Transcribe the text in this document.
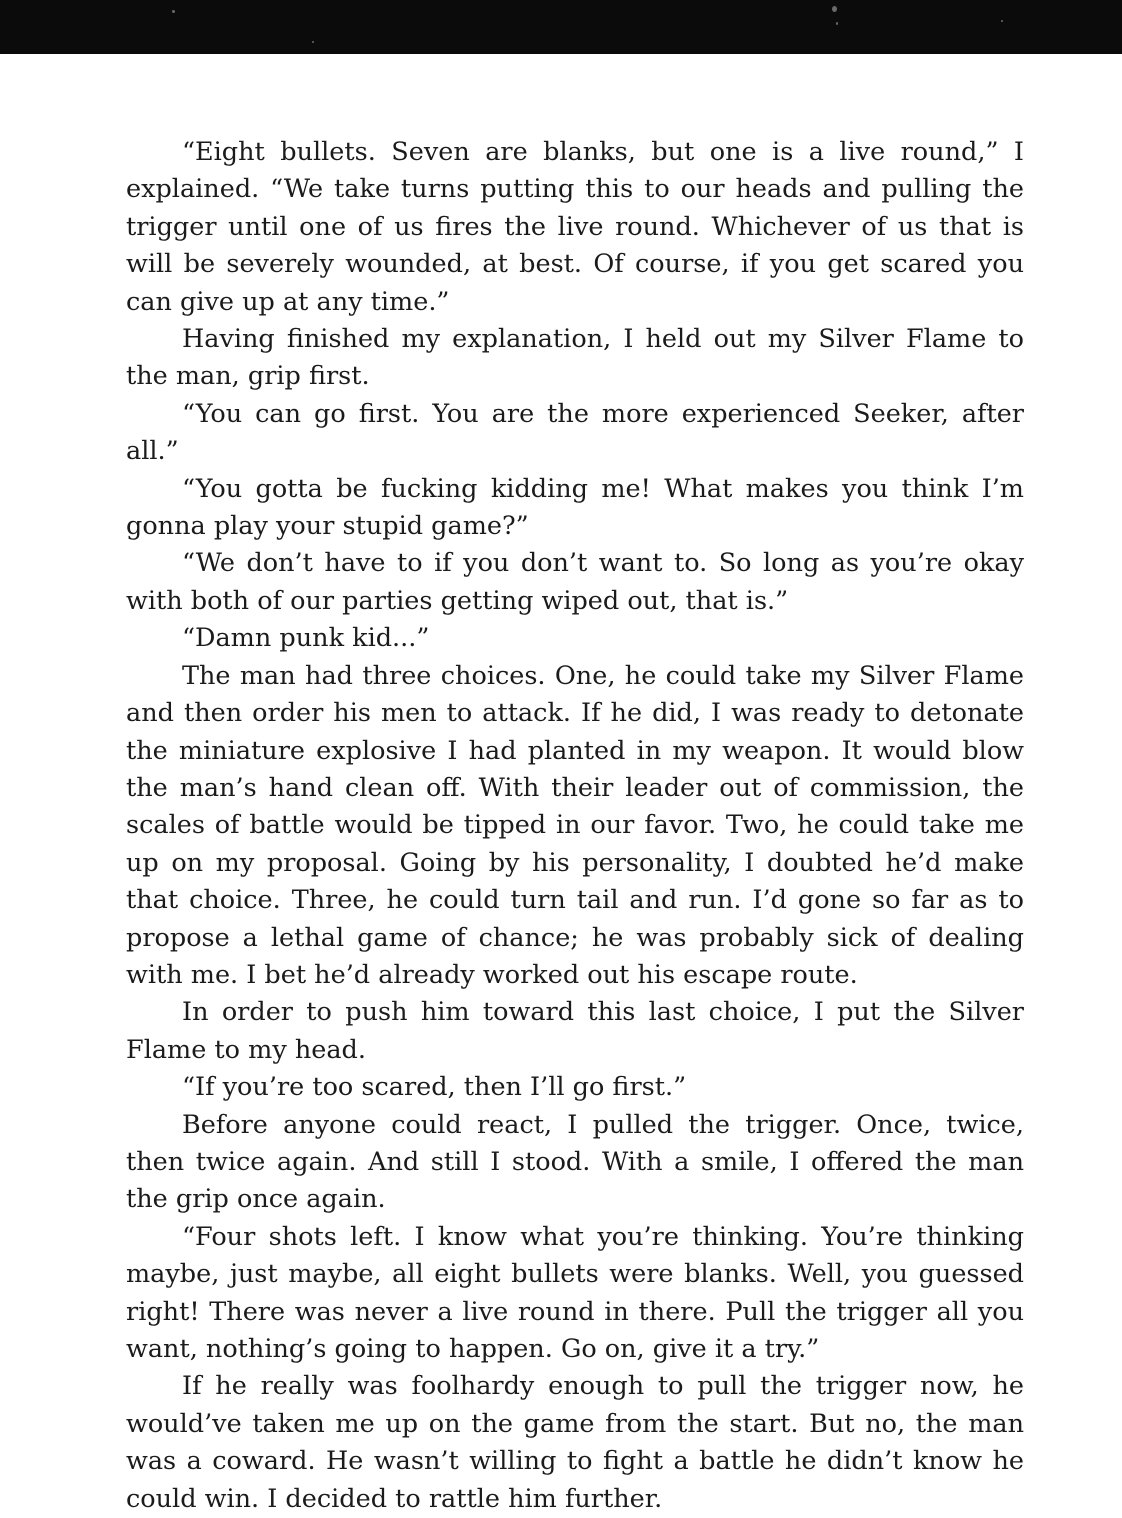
“Eight bullets. Seven are blanks, but one is a live round,” I explained. “We take turns putting this to our heads and pulling the trigger until one of us fires the live round. Whichever of us that is will be severely wounded, at best. Of course, if you get scared you can give up at any time.”

Having finished my explanation, I held out my Silver Flame to the man, grip first.

“You can go first. You are the more experienced Seeker, after all.”

“You gotta be fucking kidding me! What makes you think I’m gonna play your stupid game?”

“We don’t have to if you don’t want to. So long as you’re okay with both of our parties getting wiped out, that is.”

“Damn punk kid...”

The man had three choices. One, he could take my Silver Flame and then order his men to attack. If he did, I was ready to detonate the miniature explosive I had planted in my weapon. It would blow the man’s hand clean off. With their leader out of commission, the scales of battle would be tipped in our favor. Two, he could take me up on my proposal. Going by his personality, I doubted he’d make that choice. Three, he could turn tail and run. I’d gone so far as to propose a lethal game of chance; he was probably sick of dealing with me. I bet he’d already worked out his escape route.

In order to push him toward this last choice, I put the Silver Flame to my head.

“If you’re too scared, then I’ll go first.”

Before anyone could react, I pulled the trigger. Once, twice, then twice again. And still I stood. With a smile, I offered the man the grip once again.

“Four shots left. I know what you’re thinking. You’re thinking maybe, just maybe, all eight bullets were blanks. Well, you guessed right! There was never a live round in there. Pull the trigger all you want, nothing’s going to happen. Go on, give it a try.”

If he really was foolhardy enough to pull the trigger now, he would’ve taken me up on the game from the start. But no, the man was a coward. He wasn’t willing to fight a battle he didn’t know he could win. I decided to rattle him further.
